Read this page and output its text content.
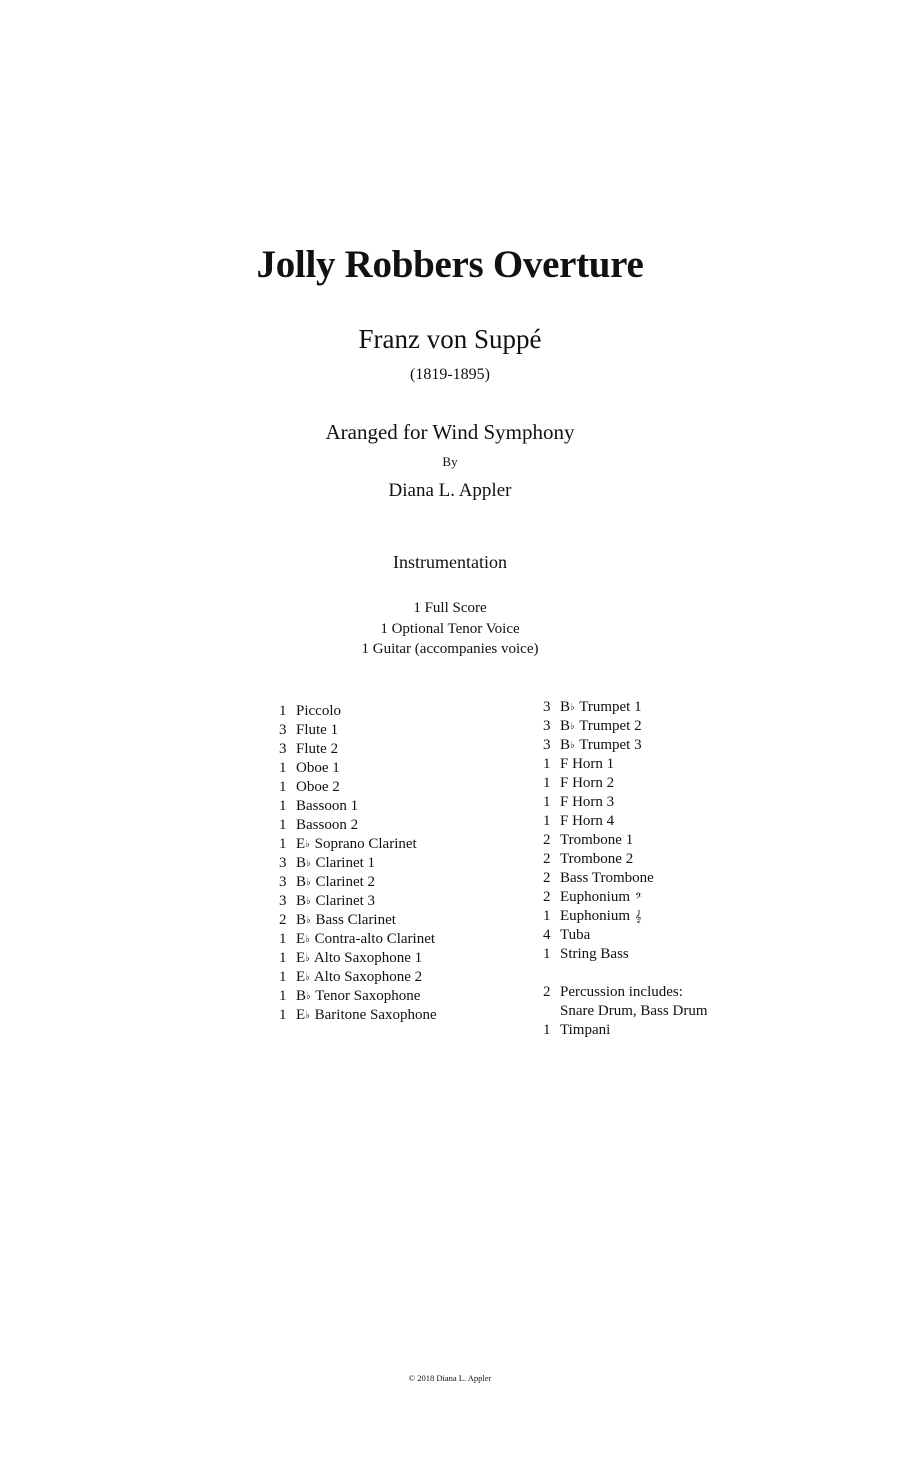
Jolly Robbers Overture
Franz von Suppé
(1819-1895)
Aranged for Wind Symphony
By
Diana L. Appler
Instrumentation
1 Full Score
1 Optional Tenor Voice
1 Guitar (accompanies voice)
1 Piccolo
3 Flute 1
3 Flute 2
1 Oboe 1
1 Oboe 2
1 Bassoon 1
1 Bassoon 2
1 E♭ Soprano Clarinet
3 B♭ Clarinet 1
3 B♭ Clarinet 2
3 B♭ Clarinet 3
2 B♭ Bass Clarinet
1 E♭ Contra-alto Clarinet
1 E♭ Alto Saxophone 1
1 E♭ Alto Saxophone 2
1 B♭ Tenor Saxophone
1 E♭ Baritone Saxophone
3 B♭ Trumpet 1
3 B♭ Trumpet 2
3 B♭ Trumpet 3
1 F Horn 1
1 F Horn 2
1 F Horn 3
1 F Horn 4
2 Trombone 1
2 Trombone 2
2 Bass Trombone
2 Euphonium 𝄢
1 Euphonium 𝄞
4 Tuba
1 String Bass
2 Percussion includes:
Snare Drum, Bass Drum
1 Timpani
© 2018 Diana L. Appler
